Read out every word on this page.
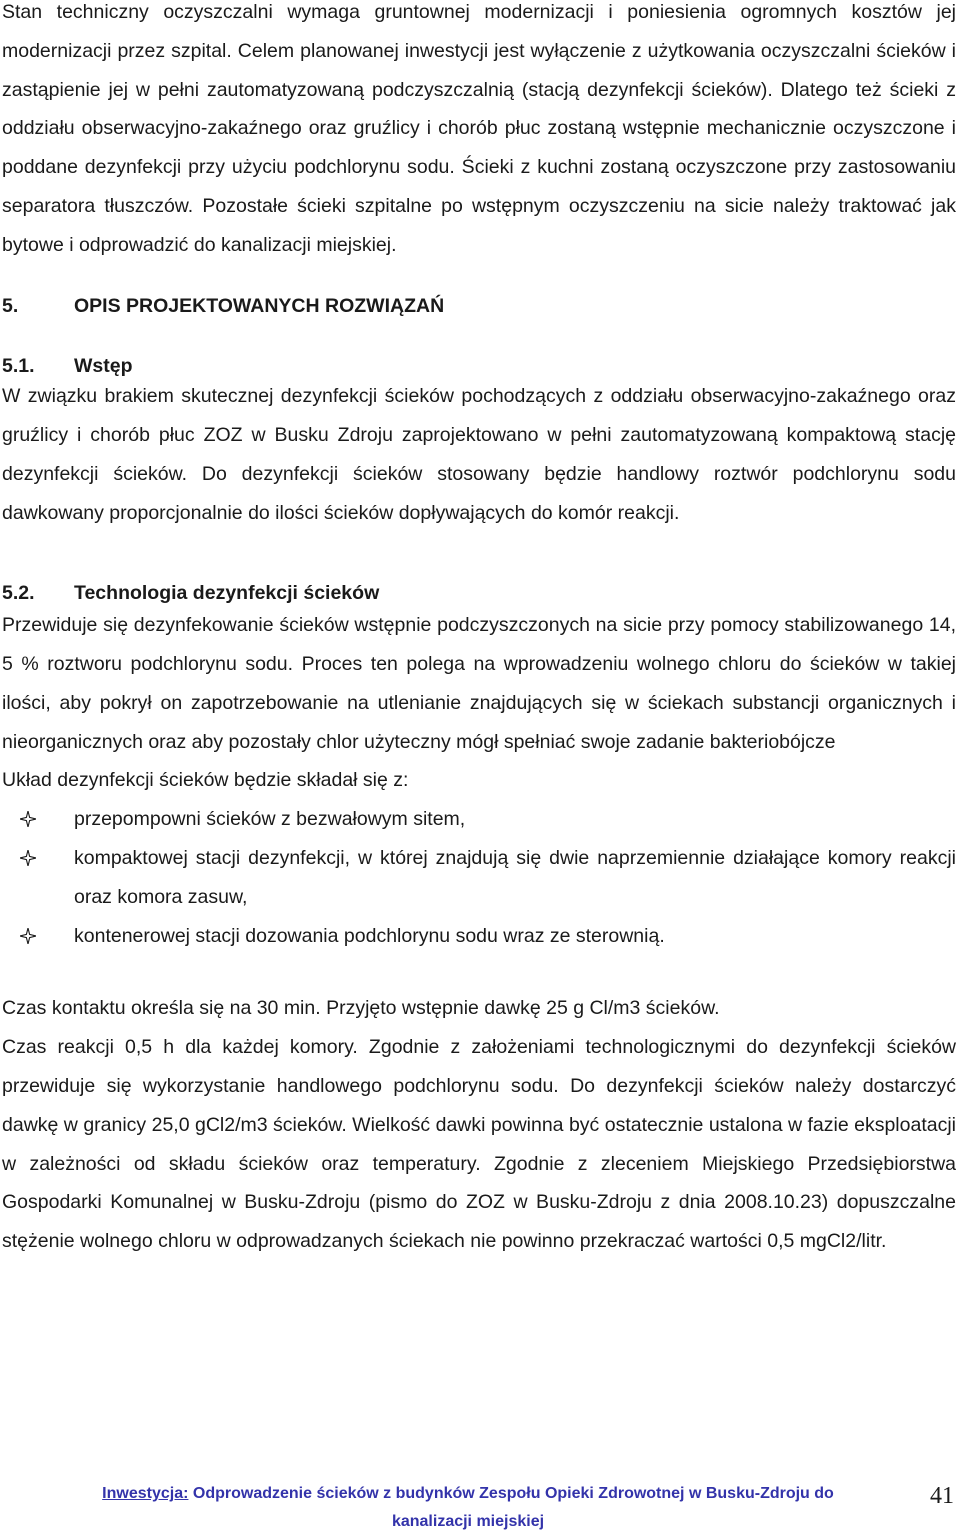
Stan techniczny oczyszczalni wymaga gruntownej modernizacji i poniesienia ogromnych kosztów jej modernizacji przez szpital. Celem planowanej inwestycji jest wyłączenie z użytkowania oczyszczalni ścieków i zastąpienie jej w pełni zautomatyzowaną podczyszczalnią (stacją dezynfekcji ścieków). Dlatego też ścieki z oddziału obserwacyjno-zakaźnego oraz gruźlicy i chorób płuc zostaną wstępnie mechanicznie oczyszczone i poddane dezynfekcji przy użyciu podchlorynu sodu. Ścieki z kuchni zostaną oczyszczone przy zastosowaniu separatora tłuszczów. Pozostałe ścieki szpitalne po wstępnym oczyszczeniu na sicie należy traktować jak bytowe i odprowadzić do kanalizacji miejskiej.

5.	OPIS PROJEKTOWANYCH ROZWIĄZAŃ
5.1.	Wstęp

W związku brakiem skutecznej dezynfekcji ścieków pochodzących z oddziału obserwacyjno-zakaźnego oraz gruźlicy i chorób płuc ZOZ w Busku Zdroju zaprojektowano w pełni zautomatyzowaną kompaktową stację dezynfekcji ścieków. Do dezynfekcji ścieków stosowany będzie handlowy roztwór podchlorynu sodu dawkowany proporcjonalnie do ilości ścieków dopływających do komór reakcji.

5.2.	Technologia dezynfekcji ścieków

Przewiduje się dezynfekowanie ścieków wstępnie podczyszczonych na sicie przy pomocy stabilizowanego 14, 5 % roztworu podchlorynu sodu. Proces ten polega na wprowadzeniu wolnego chloru do ścieków w takiej ilości, aby pokrył on zapotrzebowanie na utlenianie znajdujących się w ściekach substancji organicznych i nieorganicznych oraz aby pozostały chlor użyteczny mógł spełniać swoje zadanie bakteriobójcze

Układ dezynfekcji ścieków będzie składał się z:

przepompowni ścieków z bezwałowym sitem,
kompaktowej stacji dezynfekcji, w której znajdują się dwie naprzemiennie działające komory reakcji oraz komora zasuw,
kontenerowej stacji dozowania podchlorynu sodu wraz ze sterownią.

Czas kontaktu określa się na 30 min. Przyjęto wstępnie dawkę 25 g Cl/m3 ścieków.

Czas reakcji 0,5 h dla każdej komory. Zgodnie z założeniami technologicznymi do dezynfekcji ścieków przewiduje się wykorzystanie handlowego podchlorynu sodu. Do dezynfekcji ścieków należy dostarczyć dawkę w granicy 25,0 gCl2/m3 ścieków. Wielkość dawki powinna być ostatecznie ustalona w fazie eksploatacji w zależności od składu ścieków oraz temperatury. Zgodnie z zleceniem Miejskiego Przedsiębiorstwa Gospodarki Komunalnej w Busku-Zdroju (pismo do ZOZ w Busku-Zdroju z dnia 2008.10.23) dopuszczalne stężenie wolnego chloru w odprowadzanych ściekach nie powinno przekraczać wartości 0,5 mgCl2/litr.

Inwestycja: Odprowadzenie ścieków z budynków Zespołu Opieki Zdrowotnej w Busku-Zdroju do kanalizacji miejskiej
41
